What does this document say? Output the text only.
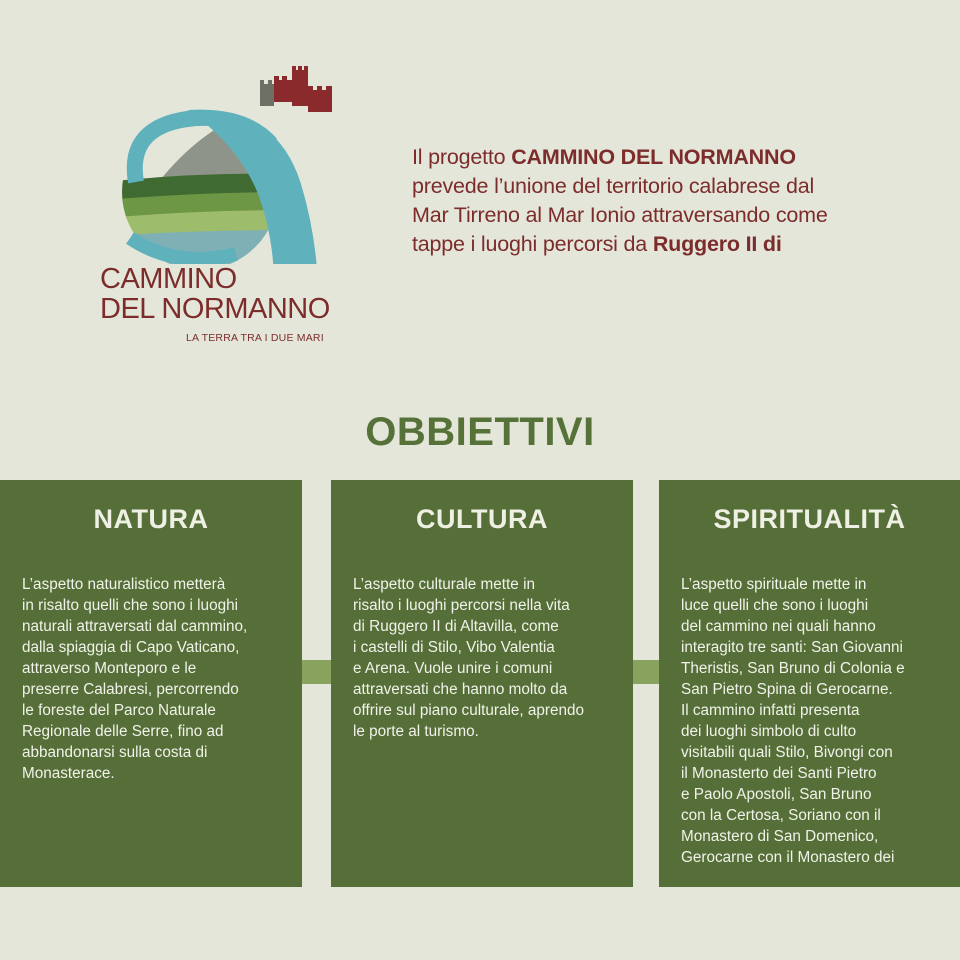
CAMMINO
DEL NORMANNO
LA TERRA TRA I DUE MARI

Il progetto CAMMINO DEL NORMANNO
prevede l’unione del territorio calabrese dal
Mar Tirreno al Mar Ionio attraversando come
tappe i luoghi percorsi da Ruggero II di

OBBIETTIVI
NATURA

L’aspetto naturalistico metterà
in risalto quelli che sono i luoghi
naturali attraversati dal cammino,
dalla spiaggia di Capo Vaticano,
attraverso Monteporo e le
preserre Calabresi, percorrendo
le foreste del Parco Naturale
Regionale delle Serre, fino ad
abbandonarsi sulla costa di
Monasterace.

CULTURA

L’aspetto culturale mette in
risalto i luoghi percorsi nella vita
di Ruggero II di Altavilla, come
i castelli di Stilo, Vibo Valentia
e Arena. Vuole unire i comuni
attraversati che hanno molto da
offrire sul piano culturale, aprendo
le porte al turismo.

SPIRITUALITÀ

L’aspetto spirituale mette in
luce quelli che sono i luoghi
del cammino nei quali hanno
interagito tre santi: San Giovanni
Theristis, San Bruno di Colonia e
San Pietro Spina di Gerocarne.
Il cammino infatti presenta
dei luoghi simbolo di culto
visitabili quali Stilo, Bivongi con
il Monasterto dei Santi Pietro
e Paolo Apostoli, San Bruno
con la Certosa, Soriano con il
Monastero di San Domenico,
Gerocarne con il Monastero dei
